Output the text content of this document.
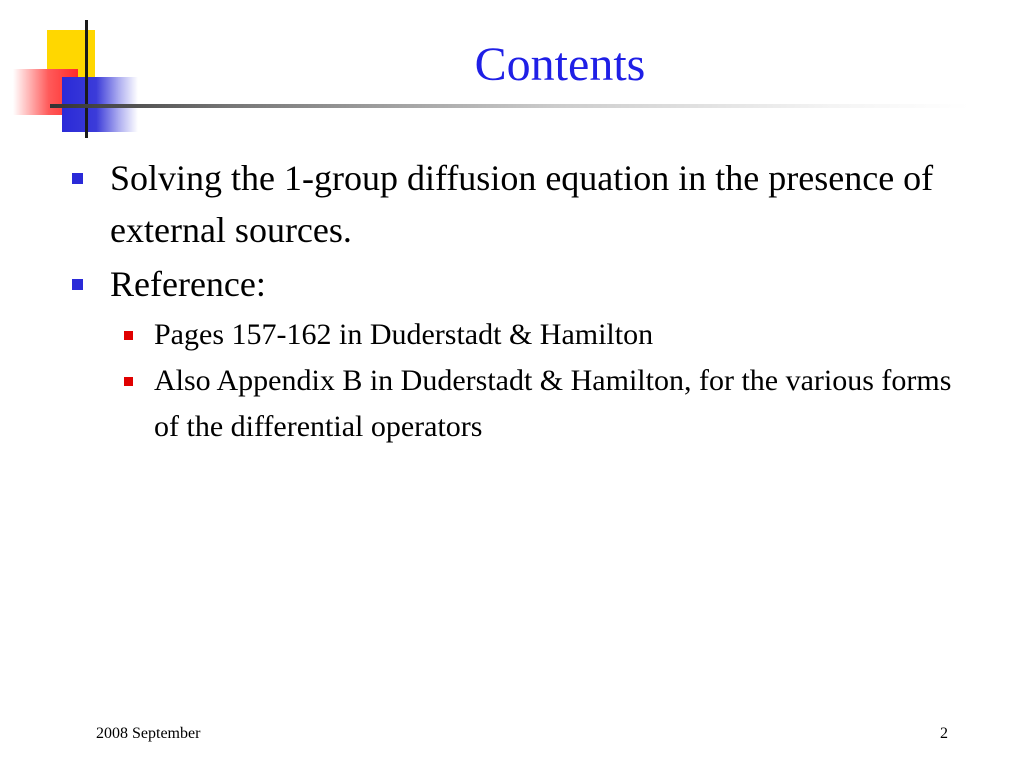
Contents
Solving the 1-group diffusion equation in the presence of external sources.
Reference:
Pages 157-162 in Duderstadt & Hamilton
Also Appendix B in Duderstadt & Hamilton, for the various forms of the differential operators
2008 September	2
